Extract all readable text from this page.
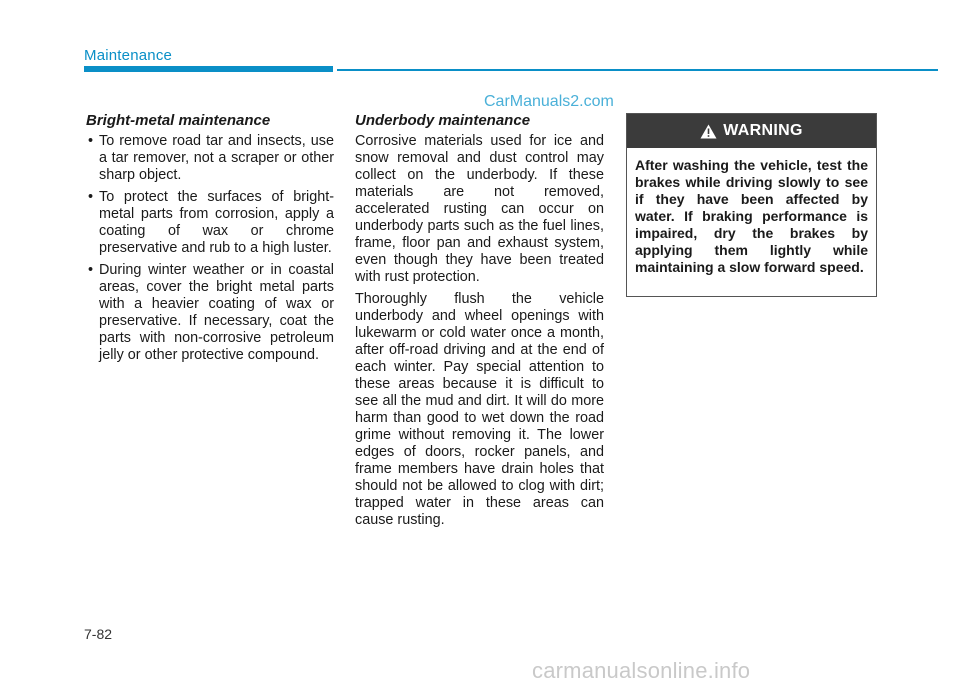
Maintenance
CarManuals2.com
Bright-metal maintenance
• To remove road tar and insects, use a tar remover, not a scraper or other sharp object.
• To protect the surfaces of bright-metal parts from corrosion, apply a coating of wax or chrome preservative and rub to a high luster.
• During winter weather or in coastal areas, cover the bright metal parts with a heavier coating of wax or preservative. If necessary, coat the parts with non-corrosive petroleum jelly or other protective compound.
Underbody maintenance

Corrosive materials used for ice and snow removal and dust control may collect on the underbody. If these materials are not removed, accelerated rusting can occur on underbody parts such as the fuel lines, frame, floor pan and exhaust system, even though they have been treated with rust protection.

Thoroughly flush the vehicle underbody and wheel openings with lukewarm or cold water once a month, after off-road driving and at the end of each winter. Pay special attention to these areas because it is difficult to see all the mud and dirt. It will do more harm than good to wet down the road grime without removing it. The lower edges of doors, rocker panels, and frame members have drain holes that should not be allowed to clog with dirt; trapped water in these areas can cause rusting.

WARNING
After washing the vehicle, test the brakes while driving slowly to see if they have been affected by water. If braking performance is impaired, dry the brakes by applying them lightly while maintaining a slow forward speed.
7-82
carmanualsonline.info
